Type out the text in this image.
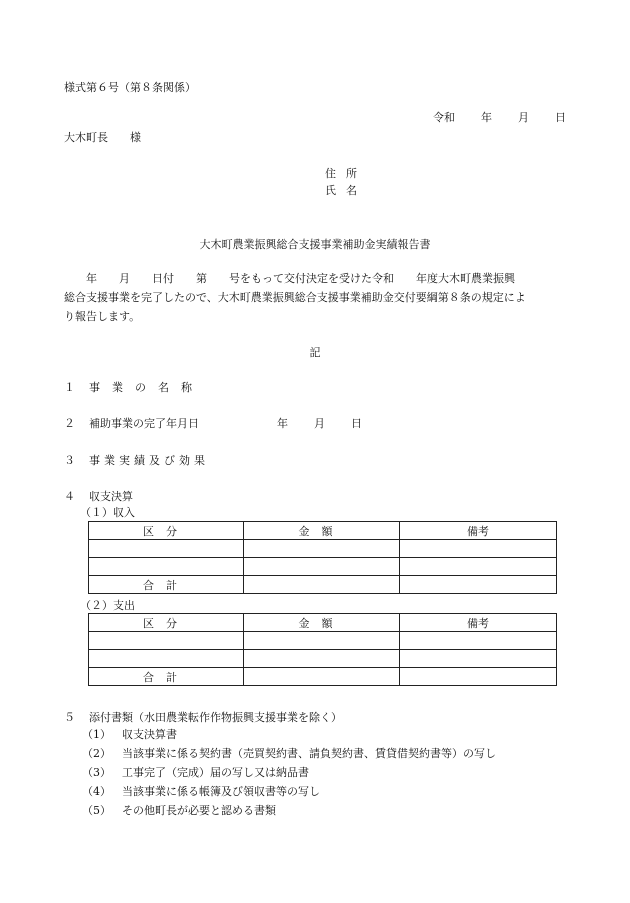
様式第６号（第８条関係）
令和 年 月 日
大木町長　　様
住所
氏名
大木町農業振興総合支援事業補助金実績報告書
　　年　　月　　日付　　第　　号をもって交付決定を受けた令和　　年度大木町農業振興
総合支援事業を完了したので、大木町農業振興総合支援事業補助金交付要綱第８条の規定によ
り報告します。
記
１ 事業の名称
２ 補助事業の完了年月日	年 月 日
３ 事業実績及び効果
４ 収支決算
（１）収入
区分	金額	備考

合計		
（２）支出
区分	金額	備考

合計		
５ 添付書類（水田農業転作作物振興支援事業を除く）
（1） 収支決算書
（2） 当該事業に係る契約書（売買契約書、請負契約書、賃貸借契約書等）の写し
（3） 工事完了（完成）届の写し又は納品書
（4） 当該事業に係る帳簿及び領収書等の写し
（5） その他町長が必要と認める書類
